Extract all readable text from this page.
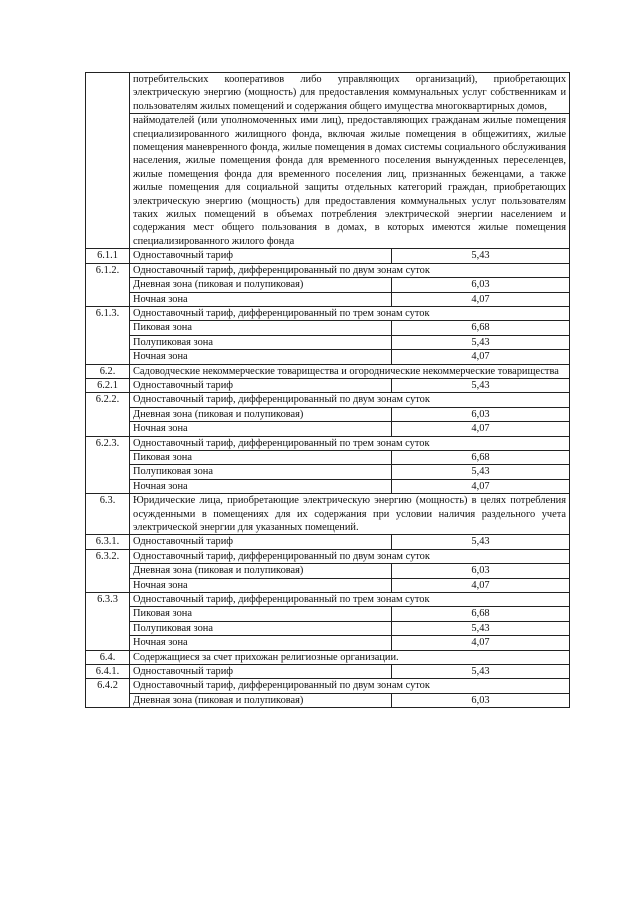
	потребительских кооперативов либо управляющих организаций), приобретающих электрическую энергию (мощность) для предоставления коммунальных услуг собственникам и пользователям жилых помещений и содержания общего имущества многоквартирных домов,	
	наймодателей (или уполномоченных ими лиц), предоставляющих гражданам жилые помещения специализированного жилищного фонда, включая жилые помещения в общежитиях, жилые помещения маневренного фонда, жилые помещения в домах системы социального обслуживания населения, жилые помещения фонда для временного поселения вынужденных переселенцев, жилые помещения фонда для временного поселения лиц, признанных беженцами, а также жилые помещения для социальной защиты отдельных категорий граждан, приобретающих электрическую энергию (мощность) для предоставления коммунальных услуг пользователям таких жилых помещений в объемах потребления электрической энергии населением и содержания мест общего пользования в домах, в которых имеются жилые помещения специализированного жилого фонда	
6.1.1	Одноставочный тариф	5,43
6.1.2.	Одноставочный тариф, дифференцированный по двум зонам суток	
	Дневная зона (пиковая и полупиковая)	6,03
	Ночная зона	4,07
6.1.3.	Одноставочный тариф, дифференцированный по трем зонам суток	
	Пиковая зона	6,68
	Полупиковая зона	5,43
	Ночная зона	4,07
6.2.	Садоводческие некоммерческие товарищества и огороднические некоммерческие товарищества	
6.2.1	Одноставочный тариф	5,43
6.2.2.	Одноставочный тариф, дифференцированный по двум зонам суток	
	Дневная зона (пиковая и полупиковая)	6,03
	Ночная зона	4,07
6.2.3.	Одноставочный тариф, дифференцированный по трем зонам суток	
	Пиковая зона	6,68
	Полупиковая зона	5,43
	Ночная зона	4,07
6.3.	Юридические лица, приобретающие электрическую энергию (мощность) в целях потребления осужденными в помещениях для их содержания при условии наличия раздельного учета электрической энергии для указанных помещений.	
6.3.1.	Одноставочный тариф	5,43
6.3.2.	Одноставочный тариф, дифференцированный по двум зонам суток	
	Дневная зона (пиковая и полупиковая)	6,03
	Ночная зона	4,07
6.3.3	Одноставочный тариф, дифференцированный по трем зонам суток	
	Пиковая зона	6,68
	Полупиковая зона	5,43
	Ночная зона	4,07
6.4.	Содержащиеся за счет прихожан религиозные организации.	
6.4.1.	Одноставочный тариф	5,43
6.4.2	Одноставочный тариф, дифференцированный по двум зонам суток	
	Дневная зона (пиковая и полупиковая)	6,03
